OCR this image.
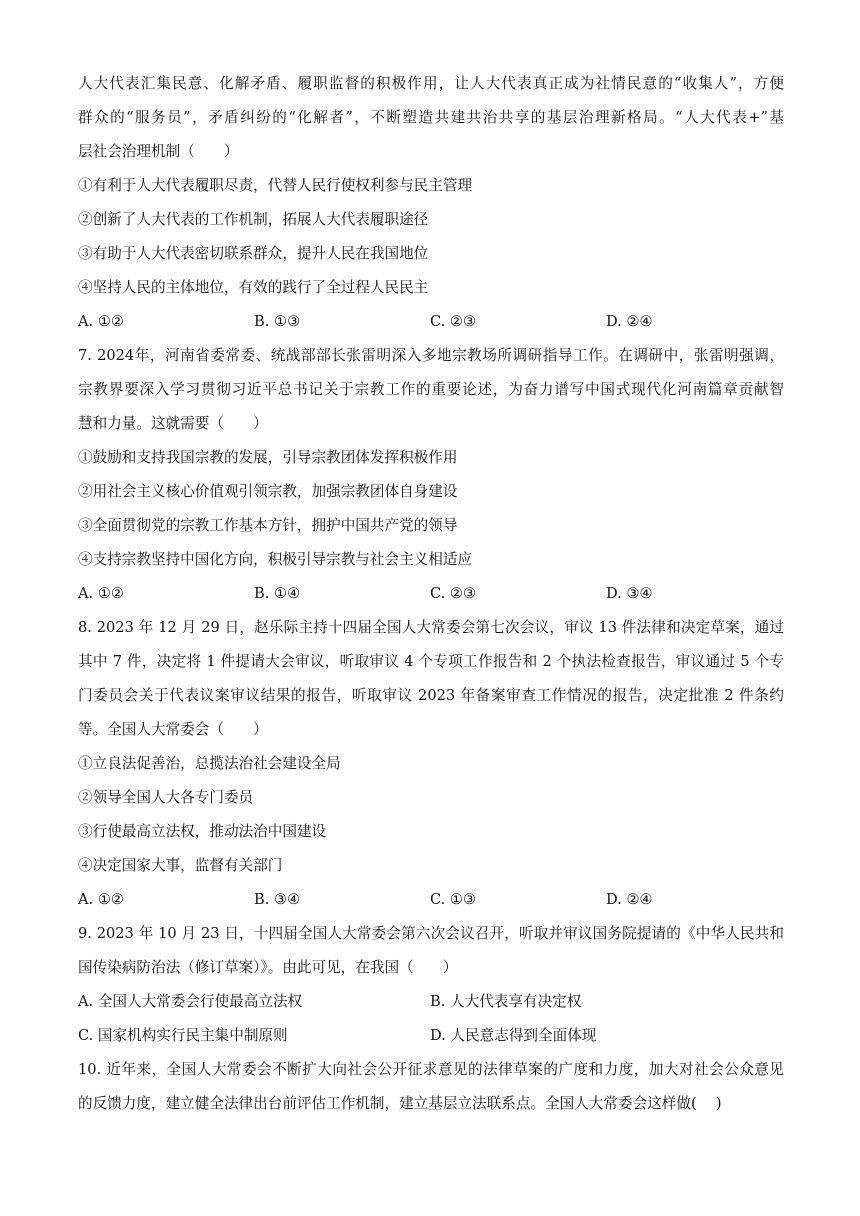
人大代表汇集民意、化解矛盾、履职监督的积极作用，让人大代表真正成为社情民意的“收集人”，方便
群众的“服务员”，矛盾纠纷的“化解者”，不断塑造共建共治共享的基层治理新格局。“人大代表+”基
层社会治理机制（　　）
①有利于人大代表履职尽责，代替人民行使权利参与民主管理
②创新了人大代表的工作机制，拓展人大代表履职途径
③有助于人大代表密切联系群众，提升人民在我国地位
④坚持人民的主体地位，有效的践行了全过程人民民主
A. ①②	B. ①③	C. ②③	D. ②④
7. 2024年，河南省委常委、统战部部长张雷明深入多地宗教场所调研指导工作。在调研中，张雷明强调，
宗教界要深入学习贯彻习近平总书记关于宗教工作的重要论述，为奋力谱写中国式现代化河南篇章贡献智
慧和力量。这就需要（　　）
①鼓励和支持我国宗教的发展，引导宗教团体发挥积极作用
②用社会主义核心价值观引领宗教，加强宗教团体自身建设
③全面贯彻党的宗教工作基本方针，拥护中国共产党的领导
④支持宗教坚持中国化方向，积极引导宗教与社会主义相适应
A. ①②	B. ①④	C. ②③	D. ③④
8. 2023 年 12 月 29 日，赵乐际主持十四届全国人大常委会第七次会议，审议 13 件法律和决定草案，通过
其中 7 件，决定将 1 件提请大会审议，听取审议 4 个专项工作报告和 2 个执法检查报告，审议通过 5 个专
门委员会关于代表议案审议结果的报告，听取审议 2023 年备案审查工作情况的报告，决定批准 2 件条约
等。全国人大常委会（　　）
①立良法促善治，总揽法治社会建设全局
②领导全国人大各专门委员
③行使最高立法权，推动法治中国建设
④决定国家大事，监督有关部门
A. ①②	B. ③④	C. ①③	D. ②④
9. 2023 年 10 月 23 日，十四届全国人大常委会第六次会议召开，听取并审议国务院提请的《中华人民共和
国传染病防治法（修订草案）》。由此可见，在我国（　　）
A. 全国人大常委会行使最高立法权	B. 人大代表享有决定权
C. 国家机构实行民主集中制原则	D. 人民意志得到全面体现
10. 近年来，全国人大常委会不断扩大向社会公开征求意见的法律草案的广度和力度，加大对社会公众意见
的反馈力度，建立健全法律出台前评估工作机制，建立基层立法联系点。全国人大常委会这样做(　 )
